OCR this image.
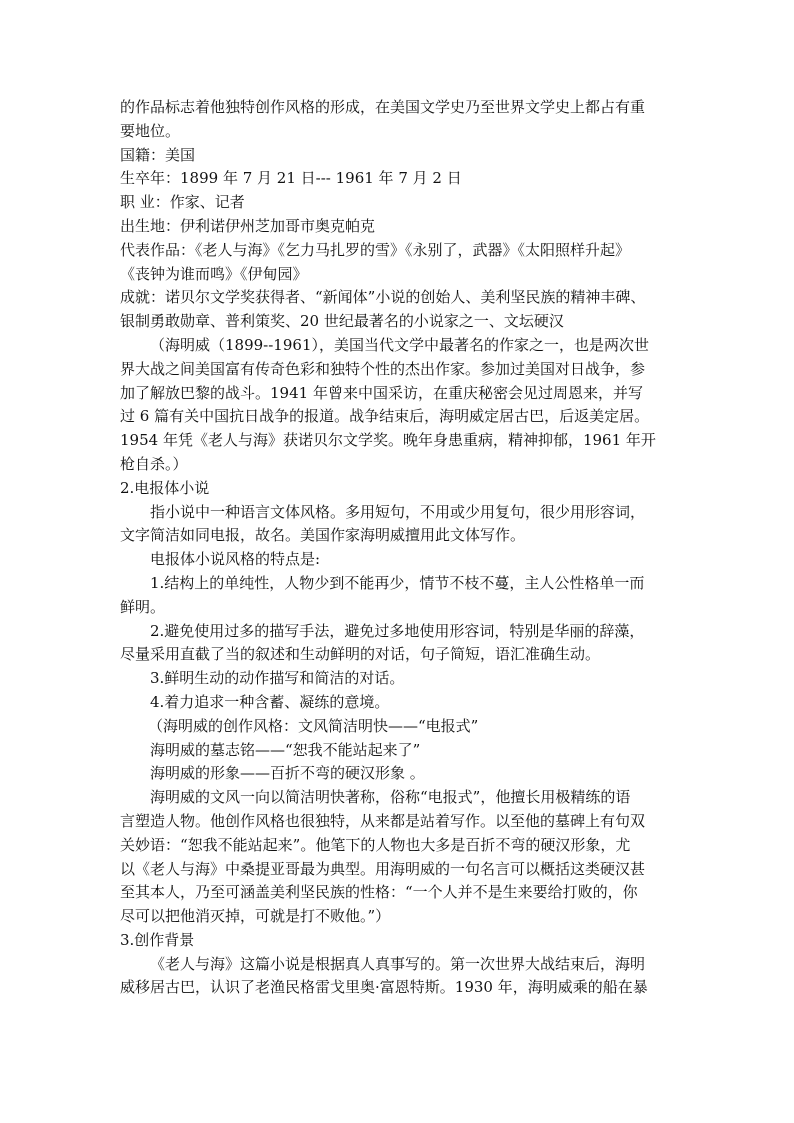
的作品标志着他独特创作风格的形成，在美国文学史乃至世界文学史上都占有重
要地位。
国籍：美国
生卒年：1899 年 7 月 21 日--- 1961 年 7 月 2 日
职 业：作家、记者
出生地：伊利诺伊州芝加哥市奥克帕克
代表作品：《老人与海》《乞力马扎罗的雪》《永别了，武器》《太阳照样升起》
《丧钟为谁而鸣》《伊甸园》
成就：诺贝尔文学奖获得者、“新闻体”小说的创始人、美利坚民族的精神丰碑、
银制勇敢勋章、普利策奖、20 世纪最著名的小说家之一、文坛硬汉
（海明威（1899--1961），美国当代文学中最著名的作家之一，也是两次世
界大战之间美国富有传奇色彩和独特个性的杰出作家。参加过美国对日战争，参
加了解放巴黎的战斗。1941 年曾来中国采访，在重庆秘密会见过周恩来，并写
过 6 篇有关中国抗日战争的报道。战争结束后，海明威定居古巴，后返美定居。
1954 年凭《老人与海》获诺贝尔文学奖。晚年身患重病，精神抑郁，1961 年开
枪自杀。）
2.电报体小说
指小说中一种语言文体风格。多用短句，不用或少用复句，很少用形容词，
文字简洁如同电报，故名。美国作家海明威擅用此文体写作。
电报体小说风格的特点是:
1.结构上的单纯性，人物少到不能再少，情节不枝不蔓，主人公性格单一而
鲜明。
2.避免使用过多的描写手法，避免过多地使用形容词，特别是华丽的辞藻，
尽量采用直截了当的叙述和生动鲜明的对话，句子简短，语汇准确生动。
3.鲜明生动的动作描写和简洁的对话。
4.着力追求一种含蓄、凝练的意境。
（海明威的创作风格：文风简洁明快——“电报式”
海明威的墓志铭——“恕我不能站起来了”
海明威的形象——百折不弯的硬汉形象 。
海明威的文风一向以简洁明快著称，俗称“电报式”，他擅长用极精练的语
言塑造人物。他创作风格也很独特，从来都是站着写作。以至他的墓碑上有句双
关妙语：“恕我不能站起来”。他笔下的人物也大多是百折不弯的硬汉形象，尤
以《老人与海》中桑提亚哥最为典型。用海明威的一句名言可以概括这类硬汉甚
至其本人，乃至可涵盖美利坚民族的性格：“一个人并不是生来要给打败的，你
尽可以把他消灭掉，可就是打不败他。”）
3.创作背景
《老人与海》这篇小说是根据真人真事写的。第一次世界大战结束后，海明
威移居古巴，认识了老渔民格雷戈里奥·富恩特斯。1930 年，海明威乘的船在暴
